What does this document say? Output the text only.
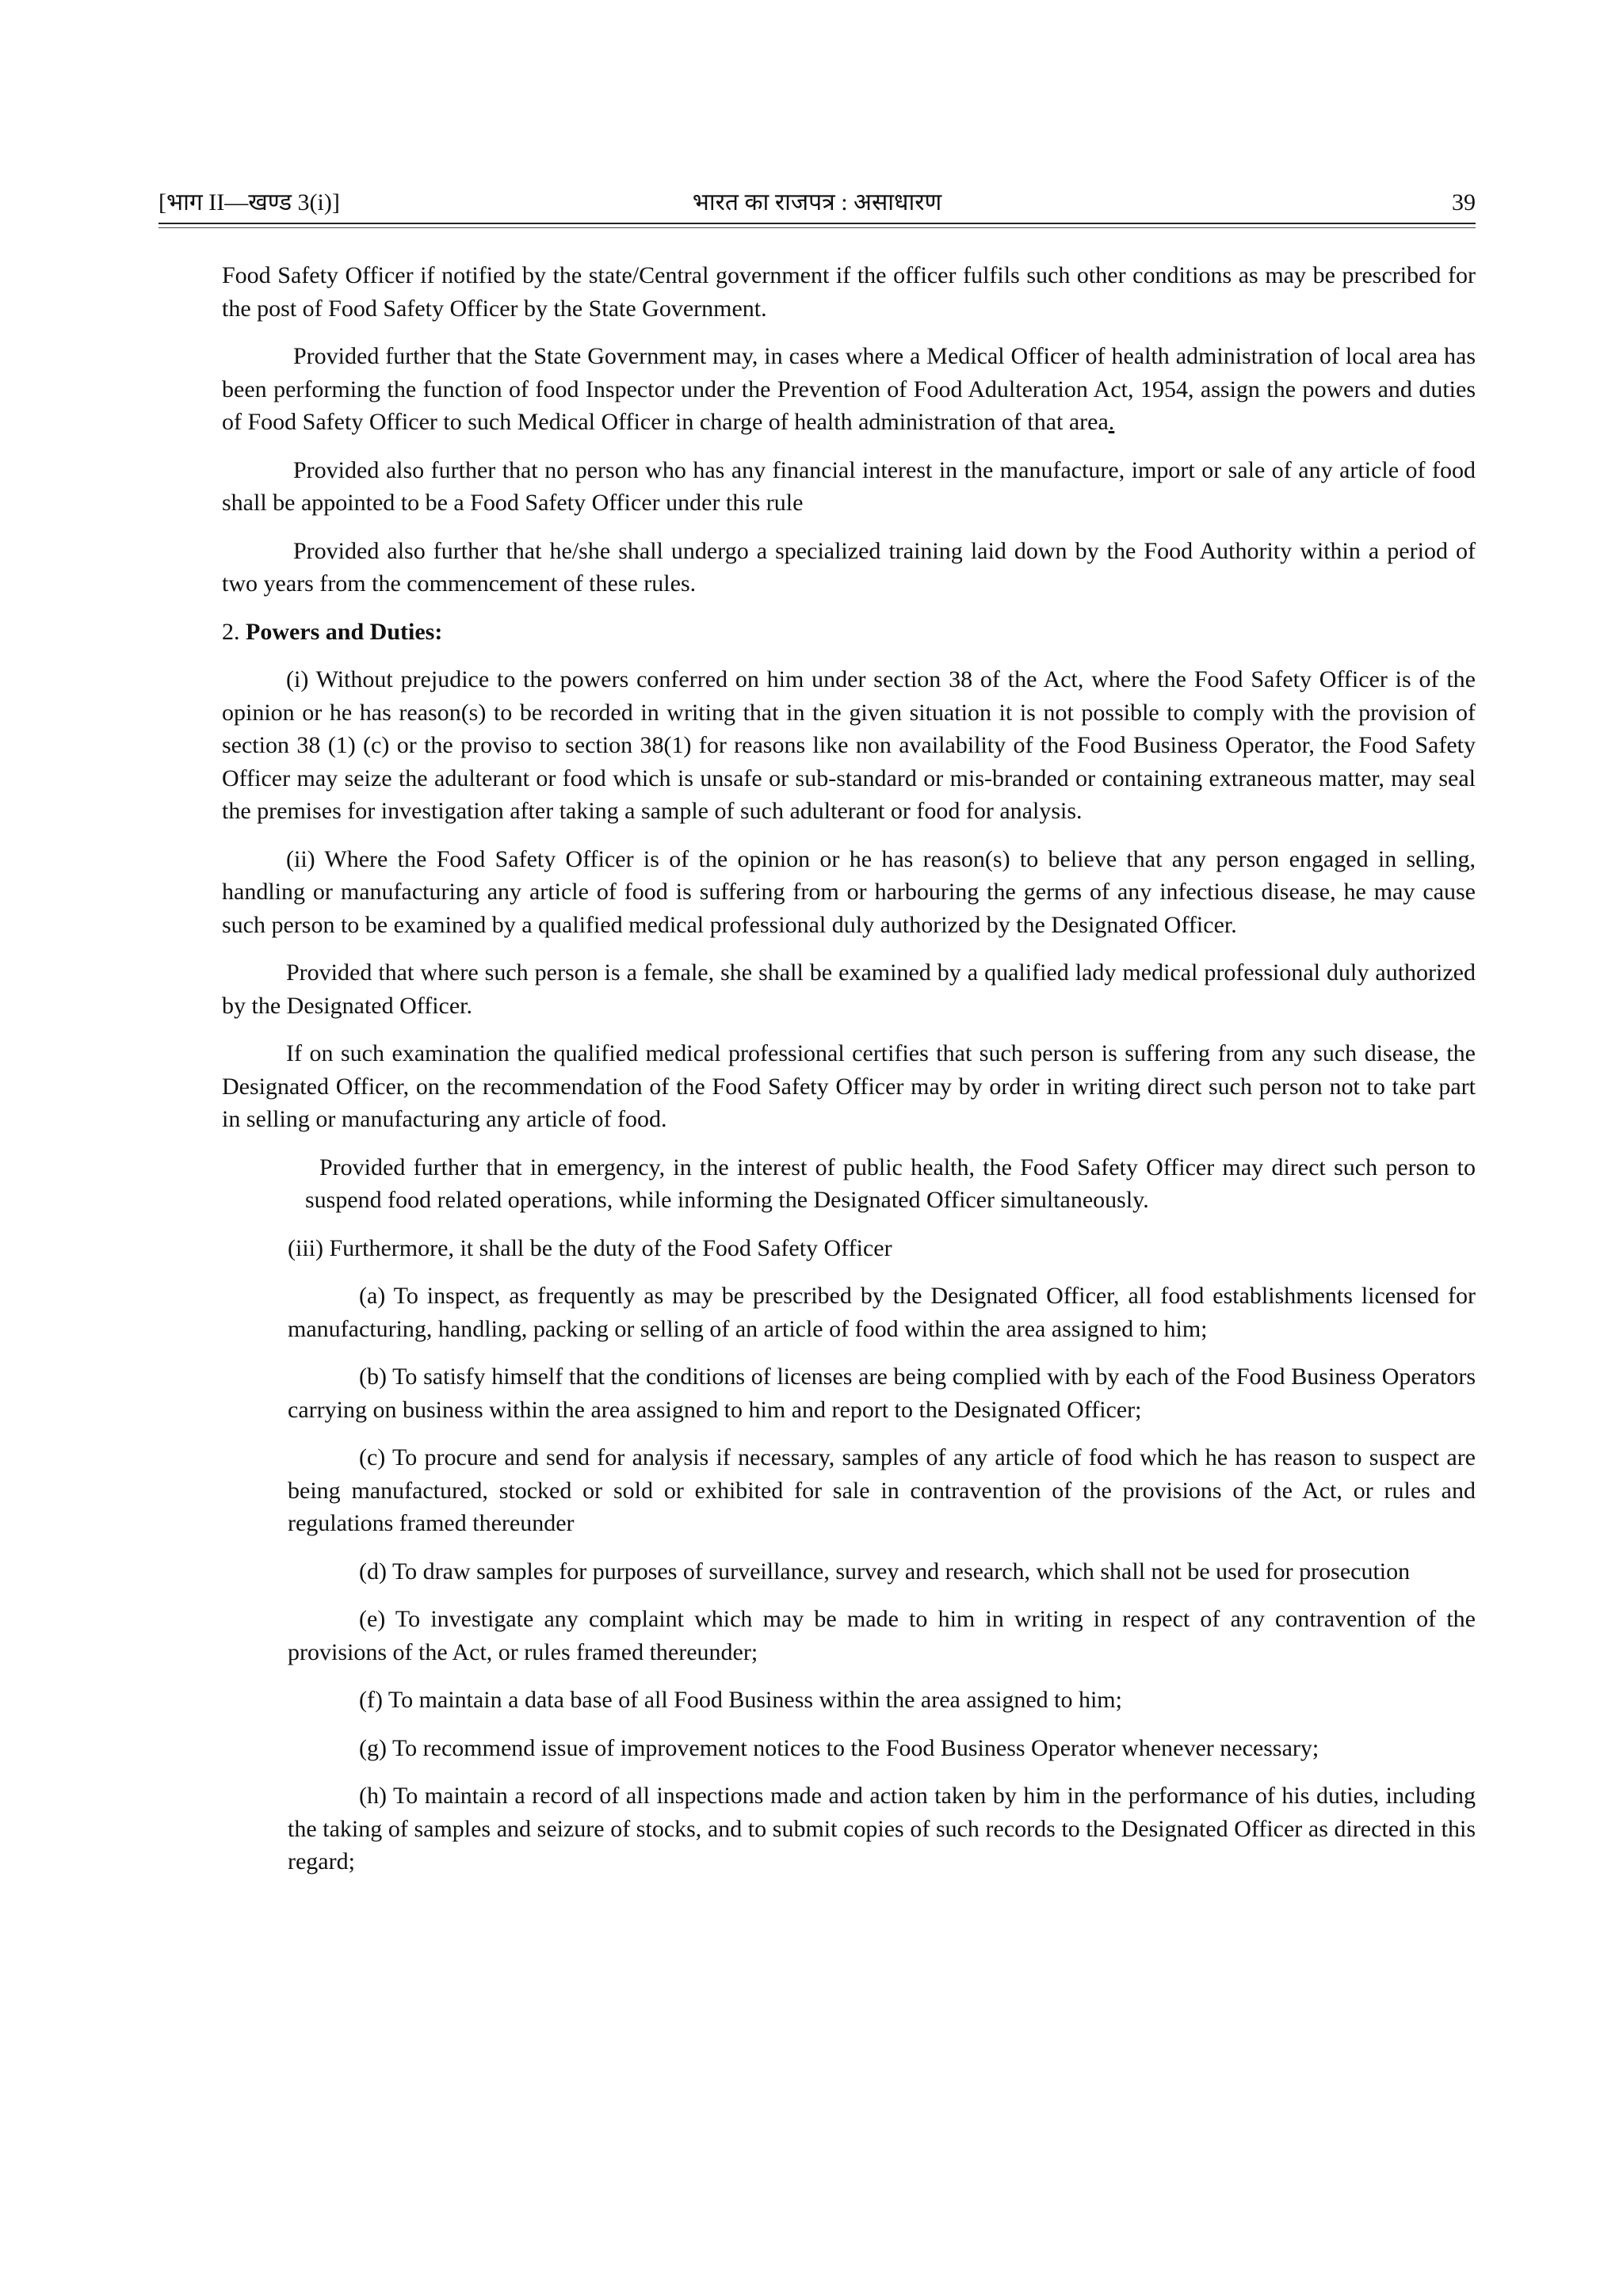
[भाग II—खण्ड 3(i)]	भारत का राजपत्र : असाधारण	39

Food Safety Officer if notified by the state/Central government if the officer fulfils such other conditions as may be prescribed for the post of Food Safety Officer by the State Government.

Provided further that the State Government may, in cases where a Medical Officer of health administration of local area has been performing the function of food Inspector under the Prevention of Food Adulteration Act, 1954, assign the powers and duties of Food Safety Officer to such Medical Officer in charge of health administration of that area.

Provided also further that no person who has any financial interest in the manufacture, import or sale of any article of food shall be appointed to be a Food Safety Officer under this rule

Provided also further that he/she shall undergo a specialized training laid down by the Food Authority within a period of two years from the commencement of these rules.

2. Powers and Duties:

(i) Without prejudice to the powers conferred on him under section 38 of the Act, where the Food Safety Officer is of the opinion or he has reason(s) to be recorded in writing that in the given situation it is not possible to comply with the provision of section 38 (1) (c) or the proviso to section 38(1) for reasons like non availability of the Food Business Operator, the Food Safety Officer may seize the adulterant or food which is unsafe or sub-standard or mis-branded or containing extraneous matter, may seal the premises for investigation after taking a sample of such adulterant or food for analysis.

(ii) Where the Food Safety Officer is of the opinion or he has reason(s) to believe that any person engaged in selling, handling or manufacturing any article of food is suffering from or harbouring the germs of any infectious disease, he may cause such person to be examined by a qualified medical professional duly authorized by the Designated Officer.

Provided that where such person is a female, she shall be examined by a qualified lady medical professional duly authorized by the Designated Officer.

If on such examination the qualified medical professional certifies that such person is suffering from any such disease, the Designated Officer, on the recommendation of the Food Safety Officer may by order in writing direct such person not to take part in selling or manufacturing any article of food.

Provided further that in emergency, in the interest of public health, the Food Safety Officer may direct such person to suspend food related operations, while informing the Designated Officer simultaneously.

(iii) Furthermore, it shall be the duty of the Food Safety Officer

(a) To inspect, as frequently as may be prescribed by the Designated Officer, all food establishments licensed for manufacturing, handling, packing or selling of an article of food within the area assigned to him;

(b) To satisfy himself that the conditions of licenses are being complied with by each of the Food Business Operators carrying on business within the area assigned to him and report to the Designated Officer;

(c) To procure and send for analysis if necessary, samples of any article of food which he has reason to suspect are being manufactured, stocked or sold or exhibited for sale in contravention of the provisions of the Act, or rules and regulations framed thereunder

(d) To draw samples for purposes of surveillance, survey and research, which shall not be used for prosecution

(e) To investigate any complaint which may be made to him in writing in respect of any contravention of the provisions of the Act, or rules framed thereunder;

(f) To maintain a data base of all Food Business within the area assigned to him;

(g) To recommend issue of improvement notices to the Food Business Operator whenever necessary;

(h) To maintain a record of all inspections made and action taken by him in the performance of his duties, including the taking of samples and seizure of stocks, and to submit copies of such records to the Designated Officer as directed in this regard;
